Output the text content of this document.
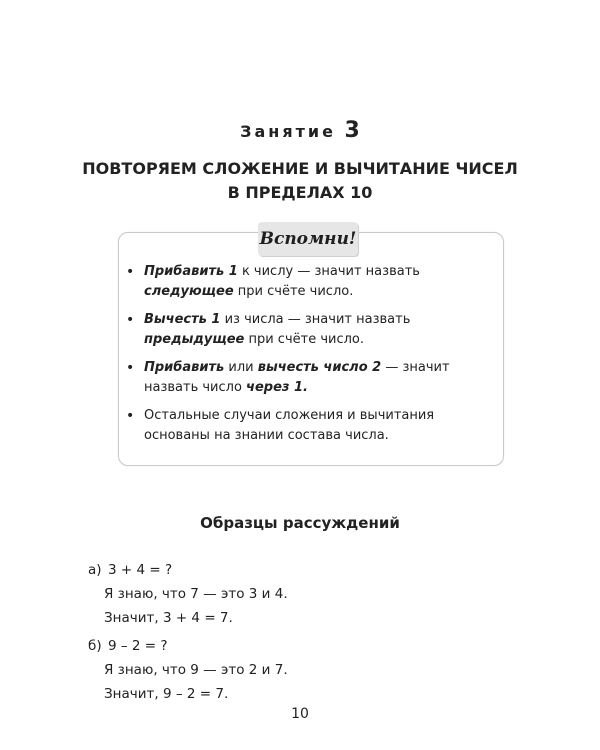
Занятие 3
ПОВТОРЯЕМ СЛОЖЕНИЕ И ВЫЧИТАНИЕ ЧИСЕЛ
В ПРЕДЕЛАХ 10
Вспомни!
• Прибавить 1 к числу — значит назвать следующее при счёте число.
• Вычесть 1 из числа — значит назвать предыдущее при счёте число.
• Прибавить или вычесть число 2 — значит назвать число через 1.
• Остальные случаи сложения и вычитания основаны на знании состава числа.
Образцы рассуждений
а) 3 + 4 = ?
Я знаю, что 7 — это 3 и 4.
Значит, 3 + 4 = 7.
б) 9 – 2 = ?
Я знаю, что 9 — это 2 и 7.
Значит, 9 – 2 = 7.
10
